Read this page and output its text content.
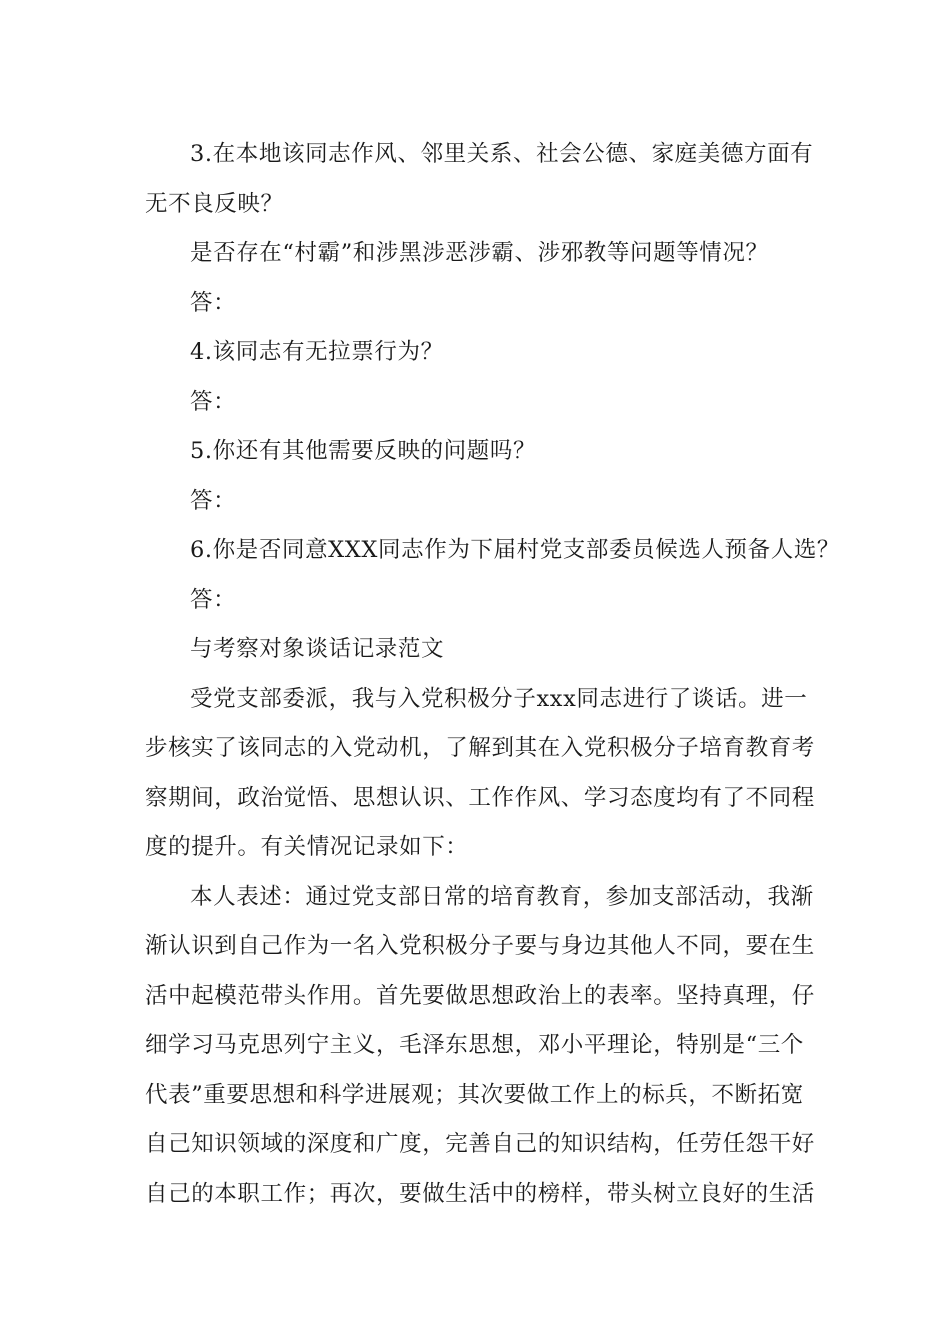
3.在本地该同志作风、邻里关系、社会公德、家庭美德方面有
无不良反映？
是否存在“村霸”和涉黑涉恶涉霸、涉邪教等问题等情况？
答：
4.该同志有无拉票行为？
答：
5.你还有其他需要反映的问题吗？
答：
6.你是否同意XXX同志作为下届村党支部委员候选人预备人选？
答：
与考察对象谈话记录范文
受党支部委派，我与入党积极分子xxx同志进行了谈话。进一
步核实了该同志的入党动机，了解到其在入党积极分子培育教育考
察期间，政治觉悟、思想认识、工作作风、学习态度均有了不同程
度的提升。有关情况记录如下：
本人表述：通过党支部日常的培育教育，参加支部活动，我渐
渐认识到自己作为一名入党积极分子要与身边其他人不同，要在生
活中起模范带头作用。首先要做思想政治上的表率。坚持真理，仔
细学习马克思列宁主义，毛泽东思想，邓小平理论，特别是“三个
代表”重要思想和科学进展观；其次要做工作上的标兵，不断拓宽
自己知识领域的深度和广度，完善自己的知识结构，任劳任怨干好
自己的本职工作；再次，要做生活中的榜样，带头树立良好的生活
